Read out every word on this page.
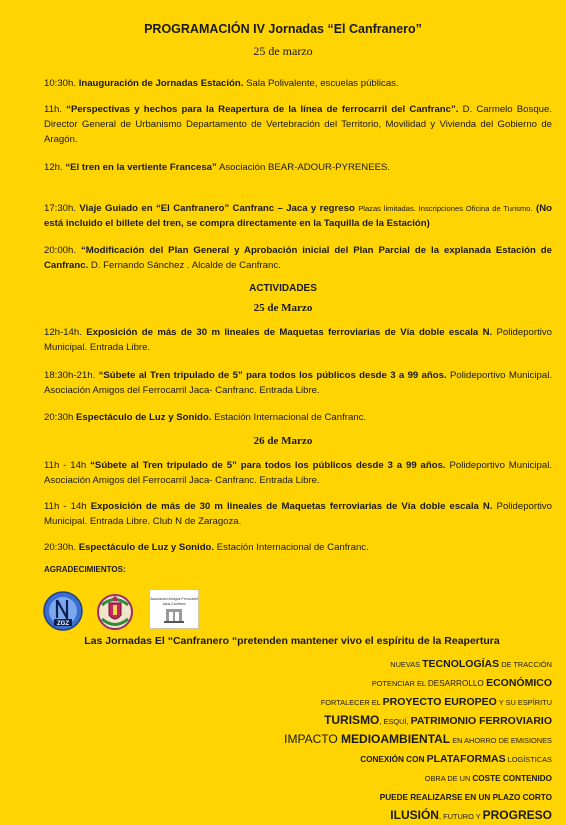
PROGRAMACIÓN IV Jornadas “El Canfranero”

25 de marzo

10:30h. Inauguración de Jornadas Estación. Sala Polivalente, escuelas públicas.

11h. “Perspectivas y hechos para la Reapertura de la línea de ferrocarril del Canfranc”. D. Carmelo Bosque. Director General de Urbanismo Departamento de Vertebración del Territorio, Movilidad y Vivienda del Gobierno de Aragón.

12h. “El tren en la vertiente Francesa” Asociación BEAR-ADOUR-PYRENEES.

17:30h. Viaje Guiado en “El Canfranero” Canfranc – Jaca y regreso Plazas limitadas. Inscripciones Oficina de Turismo. (No está incluido el billete del tren, se compra directamente en la Taquilla de la Estación)

20:00h. “Modificación del Plan General y Aprobación inicial del Plan Parcial de la explanada Estación de Canfranc. D. Fernando Sánchez . Alcalde de Canfranc.

ACTIVIDADES

25 de Marzo

12h-14h. Exposición de más de 30 m lineales de Maquetas ferroviarias de Vía doble escala N. Polideportivo Municipal. Entrada Libre.

18:30h-21h. “Súbete al Tren tripulado de 5” para todos los públicos desde 3 a 99 años. Polideportivo Municipal. Asociación Amigos del Ferrocarril Jaca- Canfranc. Entrada Libre.

20:30h Espectáculo de Luz y Sonido. Estación Internacional de Canfranc.

26 de Marzo

11h - 14h “Súbete al Tren tripulado de 5” para todos los públicos desde 3 a 99 años. Polideportivo Municipal. Asociación Amigos del Ferrocarril Jaca- Canfranc. Entrada Libre.

11h - 14h Exposición de más de 30 m lineales de Maquetas ferroviarias de Vía doble escala N. Polideportivo Municipal. Entrada Libre. Club N de Zaragoza.

20:30h. Espectáculo de Luz y Sonido. Estación Internacional de Canfranc.

AGRADECIMIENTOS:

ZGZ
Asociación Amigos Ferrocarril
Jaca-Canfranc

Las Jornadas El “Canfranero “pretenden mantener vivo el espíritu de la Reapertura

NUEVAS TECNOLOGÍAS DE TRACCIÓN

POTENCIAR EL DESARROLLO ECONÓMICO

FORTALECER EL PROYECTO EUROPEO Y SU ESPÍRITU

TURISMO, ESQUÍ, PATRIMONIO FERROVIARIO

IMPACTO MEDIOAMBIENTAL EN AHORRO DE EMISIONES

CONEXIÓN CON PLATAFORMAS LOGÍSTICAS

OBRA DE UN COSTE CONTENIDO

PUEDE REALIZARSE EN UN PLAZO CORTO

ILUSIÓN, FUTURO Y PROGRESO
